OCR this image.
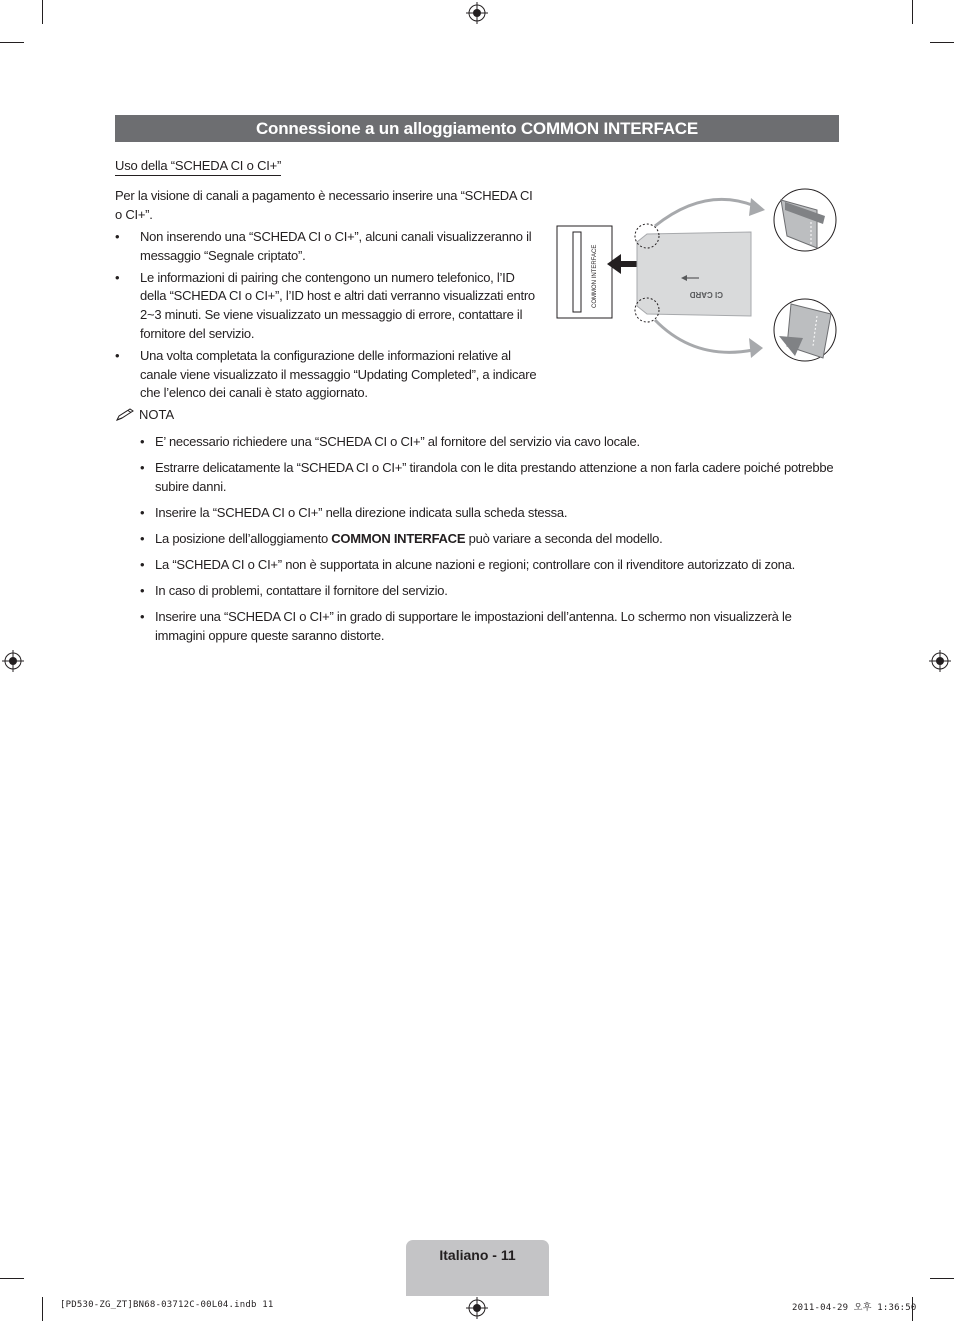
Connessione a un alloggiamento COMMON INTERFACE
Uso della “SCHEDA CI o CI+”

Per la visione di canali a pagamento è necessario inserire una “SCHEDA CI o CI+”.

• Non inserendo una “SCHEDA CI o CI+”, alcuni canali visualizzeranno il messaggio “Segnale criptato”.
• Le informazioni di pairing che contengono un numero telefonico, l’ID della “SCHEDA CI o CI+”, l’ID host e altri dati verranno visualizzati entro 2~3 minuti. Se viene visualizzato un messaggio di errore, contattare il fornitore del servizio.
• Una volta completata la configurazione delle informazioni relative al canale viene visualizzato il messaggio “Updating Completed”, a indicare che l’elenco dei canali è stato aggiornato.
COMMON INTERFACE	CI CARD
NOTA
• E’ necessario richiedere una “SCHEDA CI o CI+” al fornitore del servizio via cavo locale.
• Estrarre delicatamente la “SCHEDA CI o CI+” tirandola con le dita prestando attenzione a non farla cadere poiché potrebbe subire danni.
• Inserire la “SCHEDA CI o CI+” nella direzione indicata sulla scheda stessa.
• La posizione dell’alloggiamento COMMON INTERFACE può variare a seconda del modello.
• La “SCHEDA CI o CI+” non è supportata in alcune nazioni e regioni; controllare con il rivenditore autorizzato di zona.
• In caso di problemi, contattare il fornitore del servizio.
• Inserire una “SCHEDA CI o CI+” in grado di supportare le impostazioni dell’antenna. Lo schermo non visualizzerà le immagini oppure queste saranno distorte.
Italiano - 11
[PD530-ZG_ZT]BN68-03712C-00L04.indb 11	2011-04-29 오후 1:36:50
